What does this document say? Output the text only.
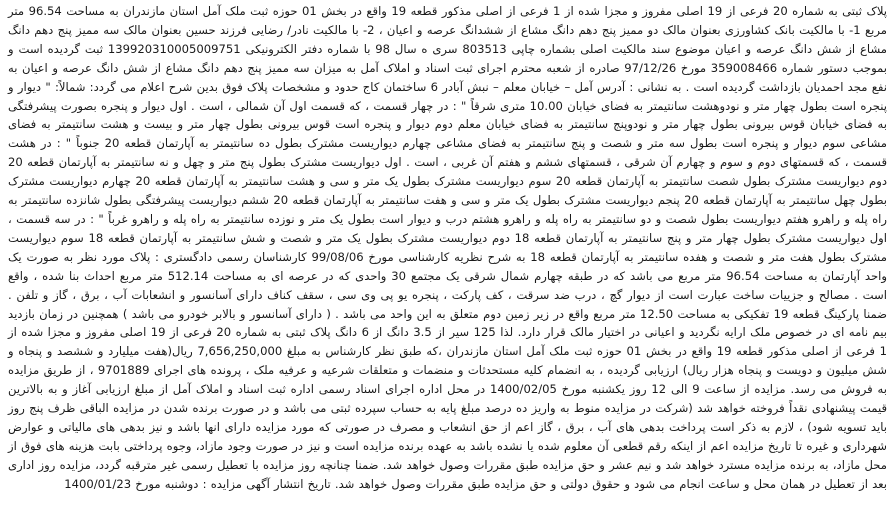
پلاک ثبتی به شماره 20 فرعی از 19 اصلی مفروز و مجزا شده از 1 فرعی از اصلی مذکور قطعه 19 واقع در بخش 01 حوزه ثبت ملک آمل استان مازندران به مساحت 96.54 متر مربع 1- با مالکیت بانک کشاورزی بعنوان مالک دو ممیز پنج دهم دانگ مشاع از ششدانگ عرصه و اعیان ، 2- با مالکیت نادر/ رضایی فرزند حسین بعنوان مالک سه ممیز پنج دهم دانگ مشاع از شش دانگ عرصه و اعیان موضوع سند مالکیت اصلی بشماره چاپی 803513 سری ه سال 98 با شماره دفتر الکترونیکی 139920310005009751 ثبت گردیده است و بموجب دستور شماره 359008466 مورخ 97/12/26 صادره از شعبه محترم اجرای ثبت اسناد و املاک آمل به میزان سه ممیز پنج دهم دانگ مشاع از شش دانگ عرصه و اعیان به نفع مجد احمدیان بازداشت گردیده است . به نشانی : آدرس آمل – خیابان معلم – نبش آبادر 6 ساختمان کاج حدود و مشخصات پلاک فوق بدین شرح اعلام می گردد: شمالاً: " دیوار و پنجره است بطول چهار متر و نودوهشت سانتیمتر به فضای خیابان 10.00 متری شرقاً " : در چهار قسمت ، که قسمت اول آن شمالی ، است . اول دیوار و پنجره بصورت پیشرفتگی به فضای خیابان قوس بیرونی بطول چهار متر و نودوپنج سانتیمتر به فضای خیابان معلم دوم دیوار و پنجره است قوس بیرونی بطول چهار متر و بیست و هشت سانتیمتر به فضای مشاعی سوم دیوار و پنجره است بطول سه متر و شصت و پنج سانتیمتر به فضای مشاعی چهارم دیواریست مشترک بطول ده سانتیمتر به آپارتمان قطعه 20 جنوباً " : در هشت قسمت ، که قسمتهای دوم و سوم و چهارم آن شرقی ، قسمتهای ششم و هفتم آن غربی ، است . اول دیواریست مشترک بطول پنج متر و چهل و نه سانتیمتر به آپارتمان قطعه 20 دوم دیواریست مشترک بطول شصت سانتیمتر به آپارتمان قطعه 20 سوم دیواریست مشترک بطول یک متر و سی و هشت سانتیمتر به آپارتمان قطعه 20 چهارم دیواریست مشترک بطول چهل سانتیمتر به آپارتمان قطعه 20 پنجم دیواریست مشترک بطول یک متر و سی و هفت سانتیمتر به آپارتمان قطعه 20 ششم دیواریست پیشرفتگی بطول شانزده سانتیمتر به راه پله و راهرو هفتم دیواریست بطول شصت و دو سانتیمتر به راه پله و راهرو هشتم درب و دیوار است بطول یک متر و نوزده سانتیمتر به راه پله و راهرو غرباً " : در سه قسمت ، اول دیواریست مشترک بطول چهار متر و پنج سانتیمتر به آپارتمان قطعه 18 دوم دیواریست مشترک بطول یک متر و شصت و شش سانتیمتر به آپارتمان قطعه 18 سوم دیواریست مشترک بطول هفت متر و شصت و هفده سانتیمتر به آپارتمان قطعه 18 به شرح نظریه کارشناسی مورخ 99/08/06 کارشناسان رسمی دادگستری : پلاک مورد نظر به صورت یک واحد آپارتمان به مساحت 96.54 متر مربع می باشد که در طبقه چهارم شمال شرقی یک مجتمع 30 واحدی که در عرصه ای به مساحت 512.14 متر مربع احداث بنا شده ، واقع است . مصالح و جزییات ساخت عبارت است از دیوار گچ ، درب ضد سرقت ، کف پارکت ، پنجره یو پی وی سی ، سقف کناف دارای آسانسور و انشعابات آب ، برق ، گاز و تلفن . ضمنا پارکینگ قطعه 19 تفکیکی به مساحت 12.50 متر مربع واقع در زیر زمین دوم متعلق به این واحد می باشد . ( دارای آسانسور و بالابر خودرو می باشد ) همچنین در زمان بازدید بیم نامه ای در خصوص ملک ارایه نگردید و اعیانی در اختیار مالک قرار دارد. لذا 125 سیر از 3.5 دانگ از 6 دانگ پلاک ثبتی به شماره 20 فرعی از 19 اصلی مفروز و مجزا شده از 1 فرعی از اصلی مذکور قطعه 19 واقع در بخش 01 حوزه ثبت ملک آمل استان مازندران ،که طبق نظر کارشناس به مبلغ 7,656,250,000 ریال(هفت میلیارد و ششصد و پنجاه و شش میلیون و دویست و پنجاه هزار ریال) ارزیابی گردیده ، به انضمام کلیه مستحدثات و منضمات و متعلقات شرعیه و عرفیه ملک ، پرونده های اجرای 9701889 ، از طریق مزایده به فروش می رسد. مزایده از ساعت 9 الی 12 روز یکشنبه مورخ 1400/02/05 در محل اداره اجرای اسناد رسمی اداره ثبت اسناد و املاک آمل از مبلغ ارزیابی آغاز و به بالاترین قیمت پیشنهادی نقداً فروخته خواهد شد (شرکت در مزایده منوط به واریز ده درصد مبلغ پایه به حساب سپرده ثبتی می باشد و در صورت برنده شدن در مزایده الباقی ظرف پنج روز باید تسویه شود) ، لازم به ذکر است پرداخت بدهی های آب ، برق ، گاز اعم از حق انشعاب و مصرف در صورتی که مورد مزایده دارای انها باشد و نیز بدهی های مالیاتی و عوارض شهرداری و غیره تا تاریخ مزایده اعم از اینکه رقم قطعی آن معلوم شده یا نشده باشد به عهده برنده مزایده است و نیز در صورت وجود مازاد، وجوه پرداختی بابت هزینه های فوق از محل مازاد، به برنده مزایده مسترد خواهد شد و نیم عشر و حق مزایده طبق مقررات وصول خواهد شد. ضمنا چنانچه روز مزایده با تعطیل رسمی غیر مترقبه گردد، مزایده روز اداری بعد از تعطیل در همان محل و ساعت انجام می شود و حقوق دولتی و حق مزایده طبق مقررات وصول خواهد شد. تاریخ انتشار آگهی مزایده : دوشنبه مورخ 1400/01/23
